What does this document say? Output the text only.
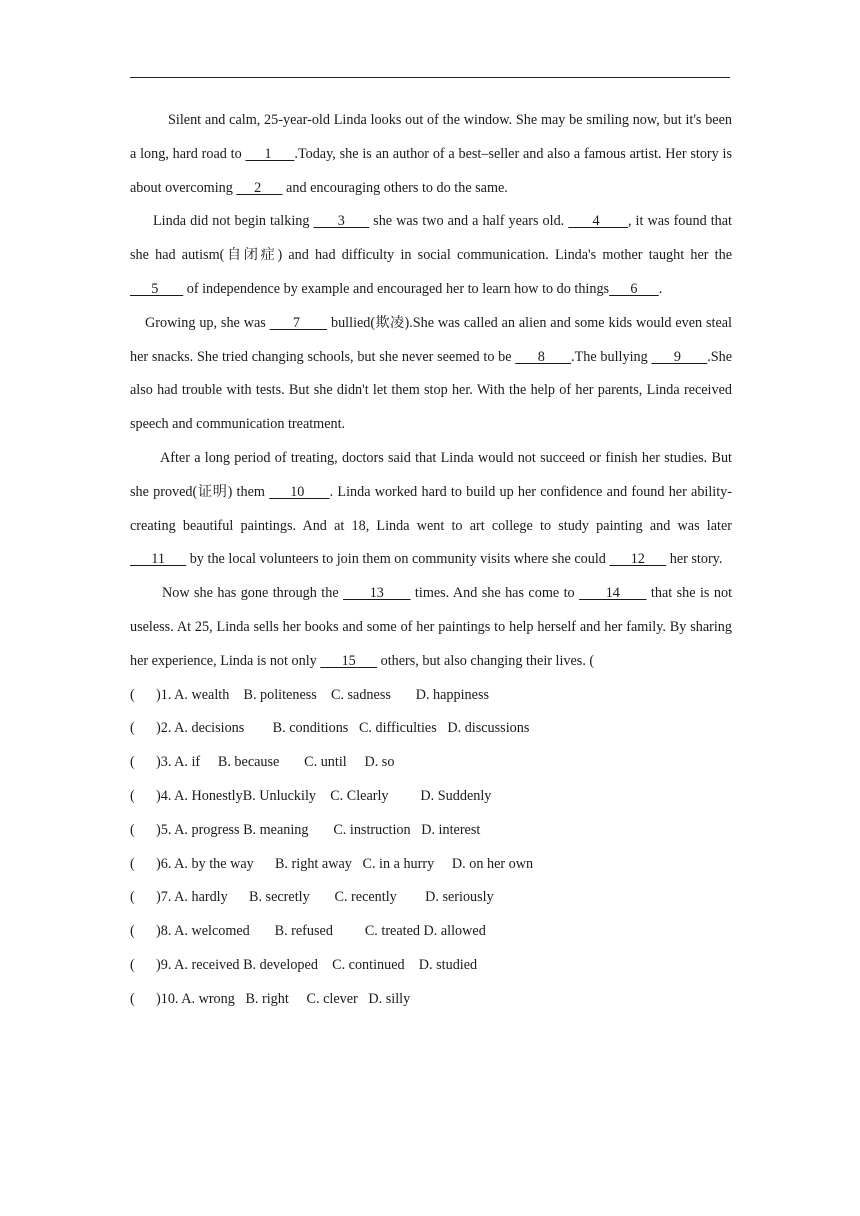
Silent and calm, 25-year-old Linda looks out of the window. She may be smiling now, but it's been a long, hard road to      1      .Today, she is an author of a best–seller and also a famous artist. Her story is about overcoming      2       and encouraging others to do the same.

Linda did not begin talking       3       she was two and a half years old.       4       , it was found that she had autism(自闭症) and had difficulty in social communication. Linda's mother taught her the      5        of independence by example and encouraged her to learn how to do things      6      .

Growing up, she was       7        bullied(欺凌).She was called an alien and some kids would even steal her snacks. She tried changing schools, but she never seemed to be       8       .The bullying       9       .She also had trouble with tests. But she didn't let them stop her. With the help of her parents, Linda received speech and communication treatment.

After a long period of treating, doctors said that Linda would not succeed or finish her studies. But she proved(证明) them      10      . Linda worked hard to build up her confidence and found her ability-creating beautiful paintings. And at 18, Linda went to art college to study painting and was later       11       by the local volunteers to join them on community visits where she could       12       her story.

Now she has gone through the       13       times. And she has come to       14       that she is not useless. At 25, Linda sells her books and some of her paintings to help herself and her family. By sharing her experience, Linda is not only       15       others, but also changing their lives. (

(      )1. A. wealth    B. politeness    C. sadness       D. happiness

(      )2. A. decisions        B. conditions   C. difficulties   D. discussions

(      )3. A. if     B. because       C. until     D. so

(      )4. A. HonestlyB. Unluckily    C. Clearly         D. Suddenly

(      )5. A. progress B. meaning       C. instruction   D. interest

(      )6. A. by the way      B. right away   C. in a hurry     D. on her own

(      )7. A. hardly      B. secretly       C. recently        D. seriously

(      )8. A. welcomed       B. refused         C. treated D. allowed

(      )9. A. received B. developed    C. continued    D. studied

(      )10. A. wrong   B. right     C. clever   D. silly
